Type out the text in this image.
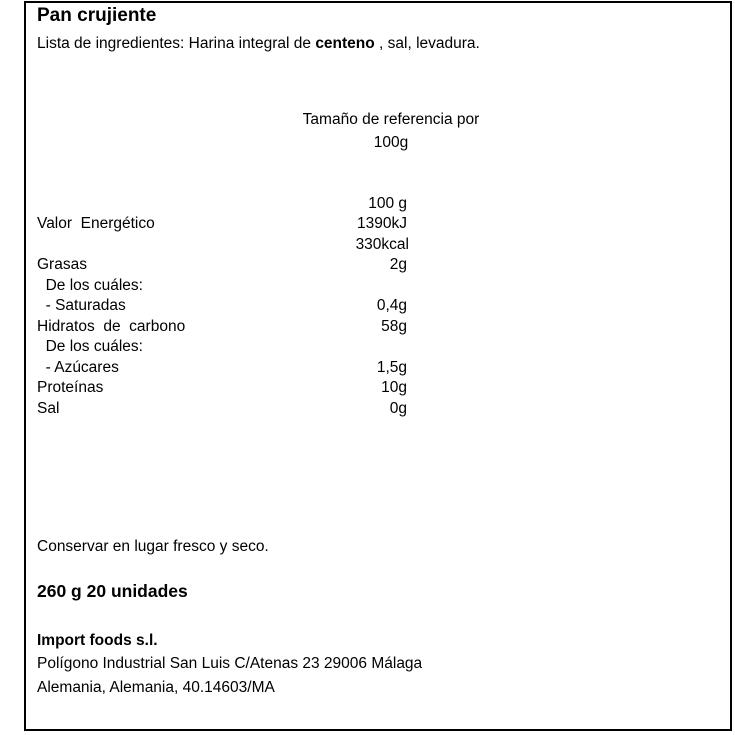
Pan crujiente
Lista de ingredientes: Harina integral de centeno , sal, levadura.
Tamaño de referencia por
100g
100 g
Valor  Energético	1390kJ
330kcal
Grasas	2g
De los cuáles:
- Saturadas	0,4g
Hidratos  de  carbono	58g
De los cuáles:
- Azúcares	1,5g
Proteínas	10g
Sal	0g
Conservar en lugar fresco y seco.
260 g 20 unidades
Import foods s.l.
Polígono Industrial San Luis C/Atenas 23 29006 Málaga
Alemania, Alemania, 40.14603/MA
